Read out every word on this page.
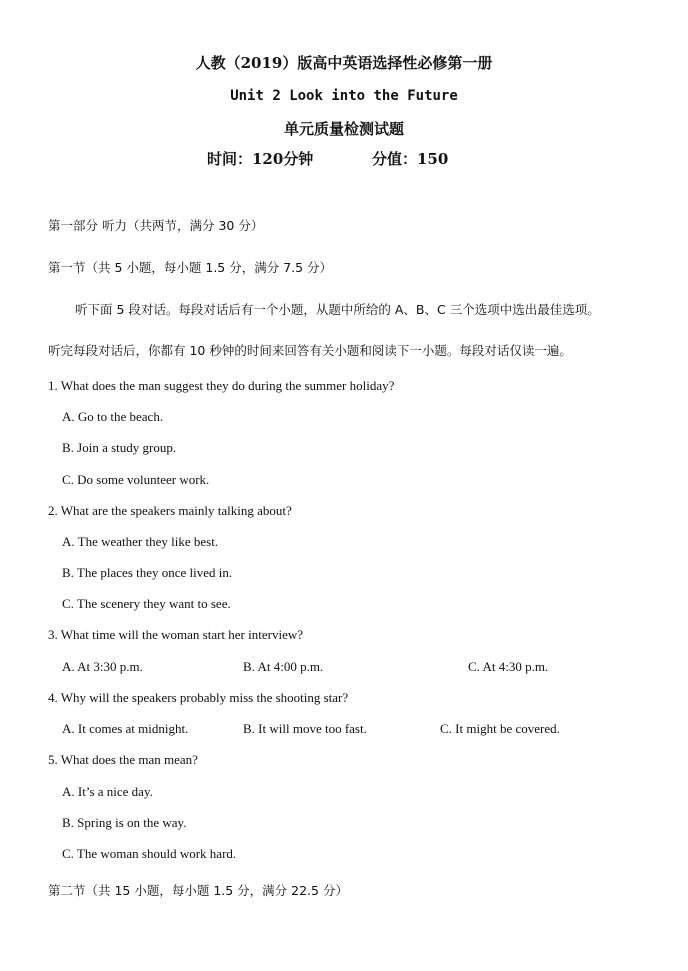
人教（2019）版高中英语选择性必修第一册
Unit 2 Look into the Future
单元质量检测试题
时间：120分钟	分值：150
第一部分 听力（共两节，满分 30 分）
第一节（共 5 小题，每小题 1.5 分，满分 7.5 分）
听下面 5 段对话。每段对话后有一个小题，从题中所给的 A、B、C 三个选项中选出最佳选项。
听完每段对话后，你都有 10 秒钟的时间来回答有关小题和阅读下一小题。每段对话仅读一遍。
1. What does the man suggest they do during the summer holiday?
A. Go to the beach.
B. Join a study group.
C. Do some volunteer work.
2. What are the speakers mainly talking about?
A. The weather they like best.
B. The places they once lived in.
C. The scenery they want to see.
3. What time will the woman start her interview?
A. At 3:30 p.m.	B. At 4:00 p.m.	C. At 4:30 p.m.
4. Why will the speakers probably miss the shooting star?
A. It comes at midnight.	B. It will move too fast.	C. It might be covered.
5. What does the man mean?
A. It’s a nice day.
B. Spring is on the way.
C. The woman should work hard.
第二节（共 15 小题，每小题 1.5 分，满分 22.5 分）
